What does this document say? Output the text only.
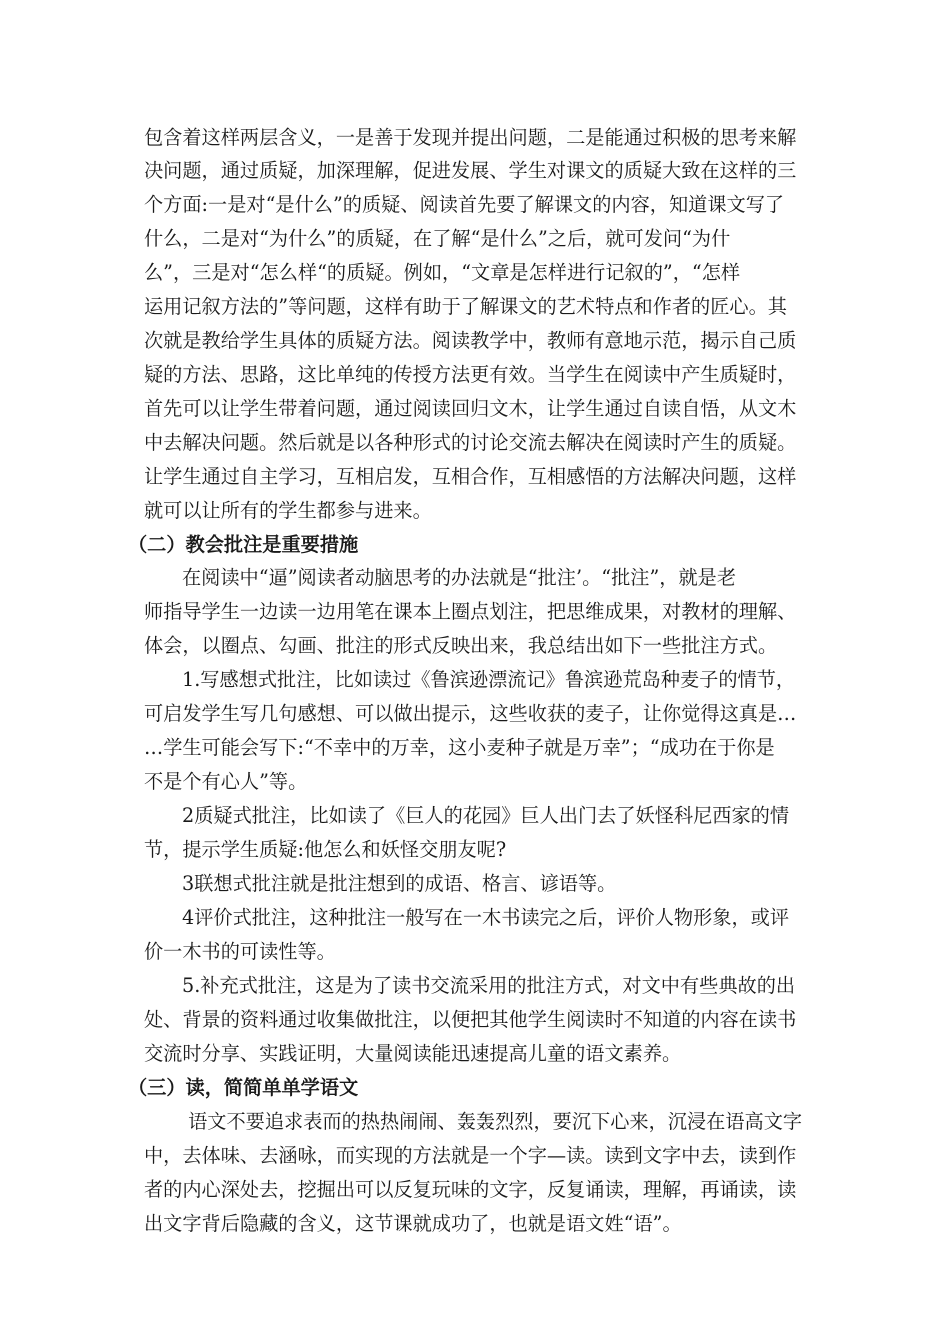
包含着这样两层含义，一是善于发现并提出问题，二是能通过积极的思考来解
决问题，通过质疑，加深理解，促进发展、学生对课文的质疑大致在这样的三
个方面:一是对“是什么”的质疑、阅读首先要了解课文的内容，知道课文写了
什么，二是对“为什么”的质疑，在了解“是什么”之后，就可发问“为什
么”，三是对“怎么样“的质疑。例如，“文章是怎样进行记叙的”，“怎样
运用记叙方法的”等问题，这样有助于了解课文的艺术特点和作者的匠心。其
次就是教给学生具体的质疑方法。阅读教学中，教师有意地示范，揭示自己质
疑的方法、思路，这比单纯的传授方法更有效。当学生在阅读中产生质疑时，
首先可以让学生带着问题，通过阅读回归文木，让学生通过自读自悟，从文木
中去解决问题。然后就是以各种形式的讨论交流去解决在阅读时产生的质疑。
让学生通过自主学习，互相启发，互相合作，互相感悟的方法解决问题，这样
就可以让所有的学生都参与进来。
（二）教会批注是重要措施
在阅读中“逼”阅读者动脑思考的办法就是“批注’。“批注”，就是老
师指导学生一边读一边用笔在课本上圈点划注，把思维成果，对教材的理解、
体会，以圈点、勾画、批注的形式反映出来，我总结出如下一些批注方式。
1.写感想式批注，比如读过《鲁滨逊漂流记》鲁滨逊荒岛种麦子的情节，
可启发学生写几句感想、可以做出提示，这些收获的麦子，让你觉得这真是…
…学生可能会写下:“不幸中的万幸，这小麦种子就是万幸”；“成功在于你是
不是个有心人”等。
2质疑式批注，比如读了《巨人的花园》巨人出门去了妖怪科尼西家的情
节，提示学生质疑:他怎么和妖怪交朋友呢?
3联想式批注就是批注想到的成语、格言、谚语等。
4评价式批注，这种批注一般写在一木书读完之后，评价人物形象，或评
价一木书的可读性等。
5.补充式批注，这是为了读书交流采用的批注方式，对文中有些典故的出
处、背景的资料通过收集做批注，以便把其他学生阅读时不知道的内容在读书
交流时分享、实践证明，大量阅读能迅速提高儿童的语文素养。
（三）读，简简单单学语文
语文不要追求表而的热热闹闹、轰轰烈烈，要沉下心来，沉浸在语高文字
中，去体味、去涵咏，而实现的方法就是一个字—读。读到文字中去，读到作
者的内心深处去，挖掘出可以反复玩味的文字，反复诵读，理解，再诵读，读
出文字背后隐藏的含义，这节课就成功了，也就是语文姓“语”。
